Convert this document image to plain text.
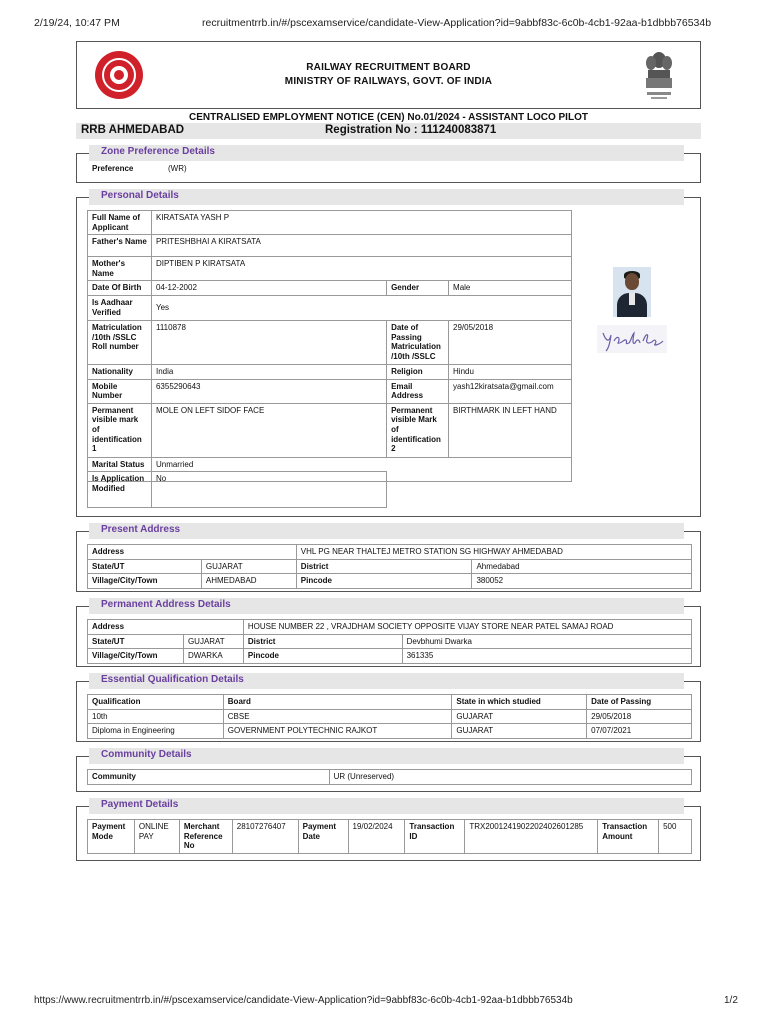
2/19/24, 10:47 PM	recruitmentrrb.in/#/pscexamservice/candidate-View-Application?id=9abbf83c-6c0b-4cb1-92aa-b1dbbb76534b
https://www.recruitmentrrb.in/#/pscexamservice/candidate-View-Application?id=9abbf83c-6c0b-4cb1-92aa-b1dbbb76534b	1/2
RAILWAY RECRUITMENT BOARD
MINISTRY OF RAILWAYS, GOVT. OF INDIA
CENTRALISED EMPLOYMENT NOTICE (CEN) No.01/2024 - ASSISTANT LOCO PILOT
RRB AHMEDABAD	Registration No : 111240083871
Zone Preference Details
Preference	(WR)
Personal Details
Full Name of Applicant	KIRATSATA YASH P		
Father's Name	PRITESHBHAI A KIRATSATA		
Mother's Name	DIPTIBEN P KIRATSATA		
Date Of Birth	04-12-2002	Gender	Male
Is Aadhaar Verified	Yes		
Matriculation /10th /SSLC Roll number	1110878	Date of Passing Matriculation /10th /SSLC	29/05/2018
Nationality	India	Religion	Hindu
Mobile Number	6355290643	Email Address	yash12kiratsata@gmail.com
Permanent visible mark of identification 1	MOLE ON LEFT SIDOF FACE	Permanent visible Mark of identification 2	BIRTHMARK IN LEFT HAND
Marital Status	Unmarried		
Is Application Modified	No
Present Address
Address		VHL PG NEAR THALTEJ METRO STATION SG HIGHWAY AHMEDABAD	
State/UT	GUJARAT	District	Ahmedabad
Village/City/Town	AHMEDABAD	Pincode	380052
Permanent Address Details
Address		HOUSE NUMBER 22 , VRAJDHAM SOCIETY OPPOSITE VIJAY STORE NEAR PATEL SAMAJ ROAD	
State/UT	GUJARAT	District	Devbhumi Dwarka
Village/City/Town	DWARKA	Pincode	361335
Essential Qualification Details
Qualification	Board	State in which studied	Date of Passing
10th	CBSE	GUJARAT	29/05/2018
Diploma in Engineering	GOVERNMENT POLYTECHNIC RAJKOT	GUJARAT	07/07/2021
Community Details
Community	UR (Unreserved)
Payment Details
Payment Mode	ONLINE PAY	Merchant Reference No	28107276407	Payment Date	19/02/2024	Transaction ID	TRX2001241902202402601285	Transaction Amount	500
